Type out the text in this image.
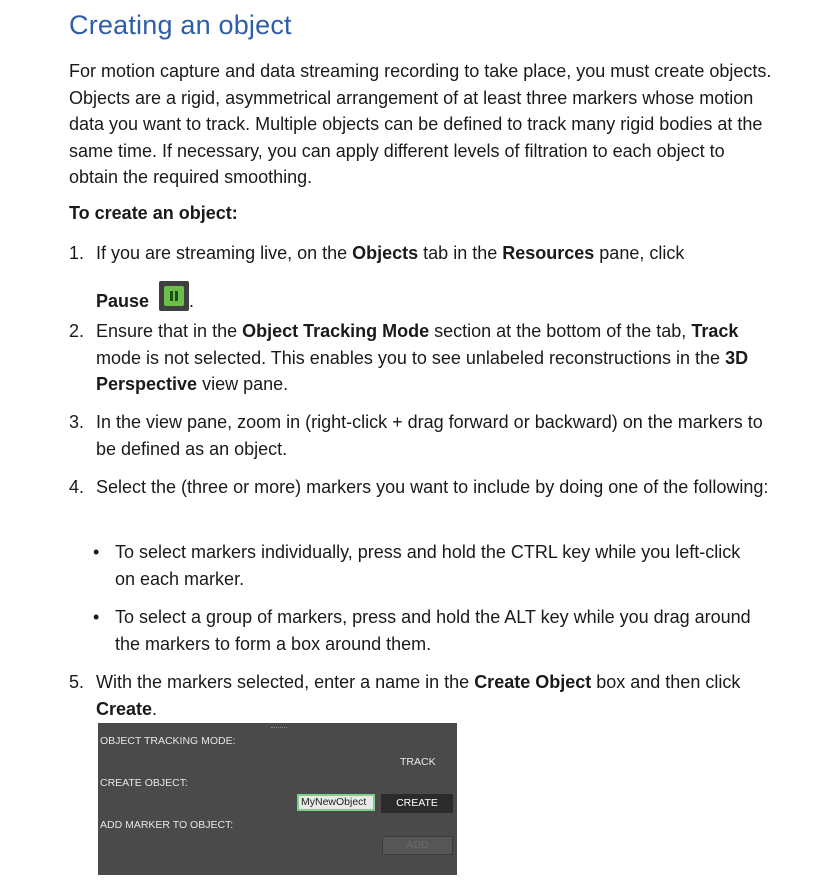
Creating an object

For motion capture and data streaming recording to take place, you must create objects. Objects are a rigid, asymmetrical arrangement of at least three markers whose motion data you want to track. Multiple objects can be defined to track many rigid bodies at the same time. If necessary, you can apply different levels of filtration to each object to obtain the required smoothing.

To create an object:

1. If you are streaming live, on the Objects tab in the Resources pane, click
Pause .
2. Ensure that in the Object Tracking Mode section at the bottom of the tab, Track mode is not selected. This enables you to see unlabeled reconstructions in the 3D Perspective view pane.
3. In the view pane, zoom in (right-click + drag forward or backward) on the markers to be defined as an object.
4. Select the (three or more) markers you want to include by doing one of the following:
• To select markers individually, press and hold the CTRL key while you left-click on each marker.
• To select a group of markers, press and hold the ALT key while you drag around the markers to form a box around them.
5. With the markers selected, enter a name in the Create Object box and then click Create.
OBJECT TRACKING MODE:
TRACK
CREATE OBJECT:
MyNewObject	CREATE
ADD MARKER TO OBJECT:
ADD
